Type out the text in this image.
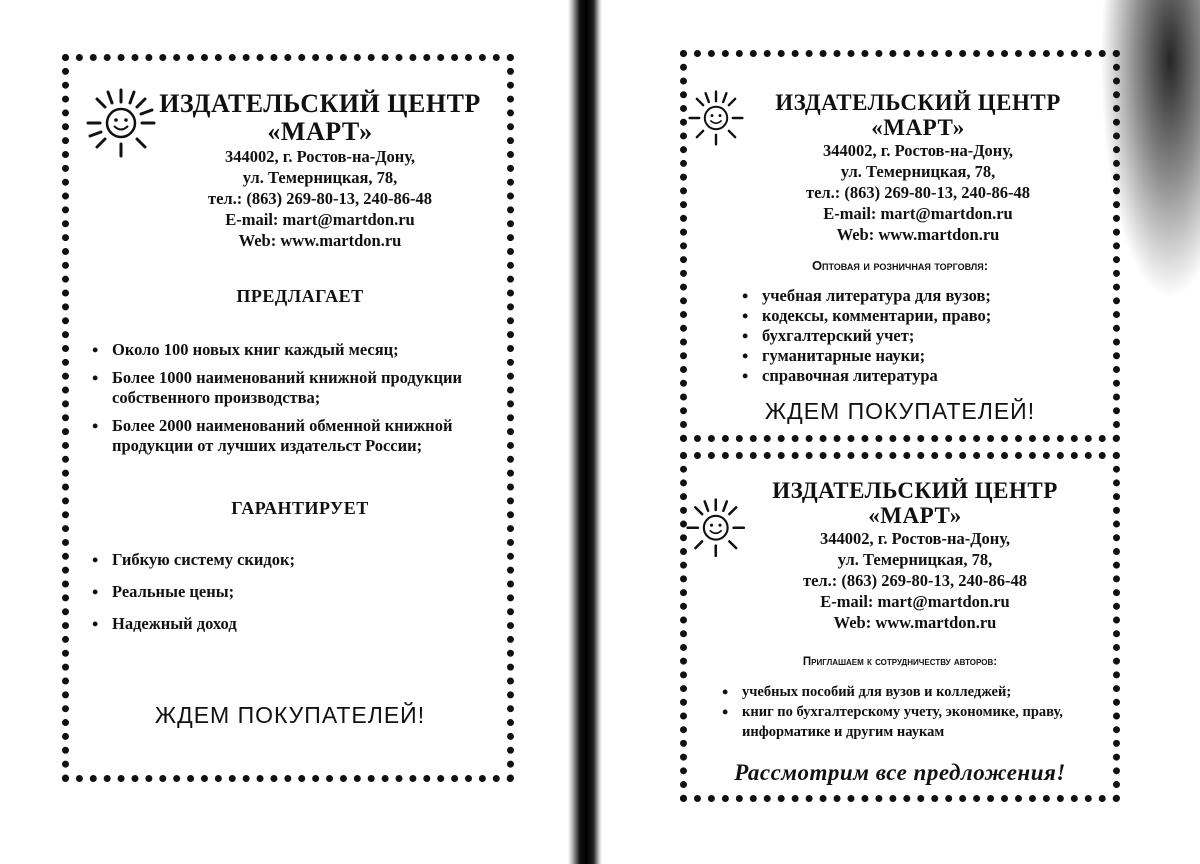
ИЗДАТЕЛЬСКИЙ ЦЕНТР
«МАРТ»
344002, г. Ростов-на-Дону,
ул. Темерницкая, 78,
тел.: (863) 269-80-13, 240-86-48
E-mail: mart@martdon.ru
Web: www.martdon.ru
ПРЕДЛАГАЕТ
• Около 100 новых книг каждый месяц;
• Более 1000 наименований книжной продукции собственного производства;
• Более 2000 наименований обменной книжной продукции от лучших издательст России;
ГАРАНТИРУЕТ
• Гибкую систему скидок;
• Реальные цены;
• Надежный доход
ЖДЕМ ПОКУПАТЕЛЕЙ!
ИЗДАТЕЛЬСКИЙ ЦЕНТР
«МАРТ»
344002, г. Ростов-на-Дону,
ул. Темерницкая, 78,
тел.: (863) 269-80-13, 240-86-48
E-mail: mart@martdon.ru
Web: www.martdon.ru
Оптовая и розничная торговля:
• учебная литература для вузов;
• кодексы, комментарии, право;
• бухгалтерский учет;
• гуманитарные науки;
• справочная литература
ЖДЕМ ПОКУПАТЕЛЕЙ!
ИЗДАТЕЛЬСКИЙ ЦЕНТР
«МАРТ»
344002, г. Ростов-на-Дону,
ул. Темерницкая, 78,
тел.: (863) 269-80-13, 240-86-48
E-mail: mart@martdon.ru
Web: www.martdon.ru
Приглашаем к сотрудничеству авторов:
• учебных пособий для вузов и колледжей;
• книг по бухгалтерскому учету, экономике, праву, информатике и другим наукам
Рассмотрим все предложения!
